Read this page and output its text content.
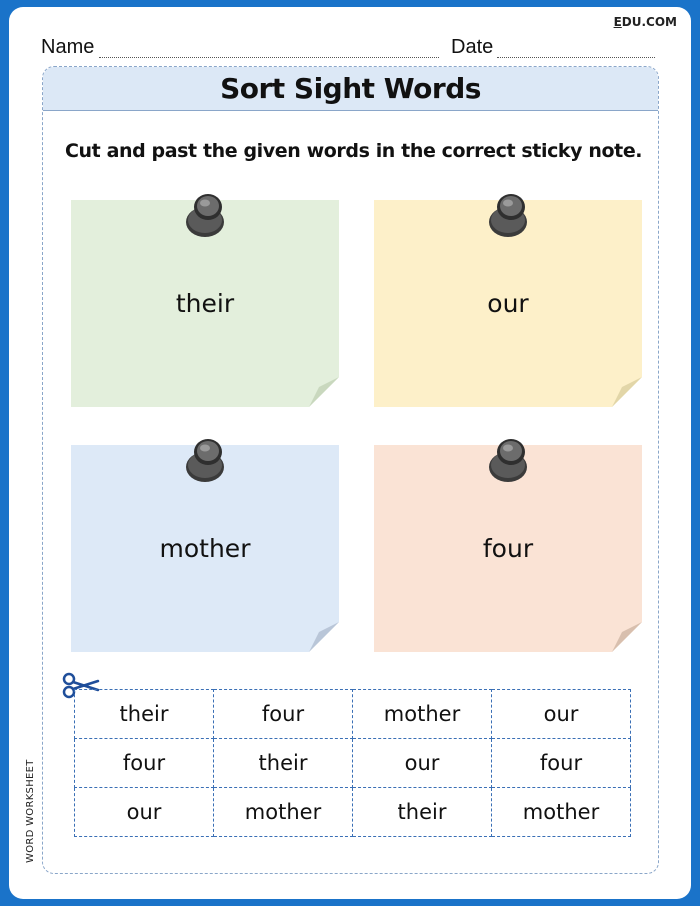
EDU.COM
Name	Date
Sort Sight Words
Cut and past the given words in the correct sticky note.
their	our
mother	four
their	four	mother	our
four	their	our	four
our	mother	their	mother
WORD WORKSHEET
